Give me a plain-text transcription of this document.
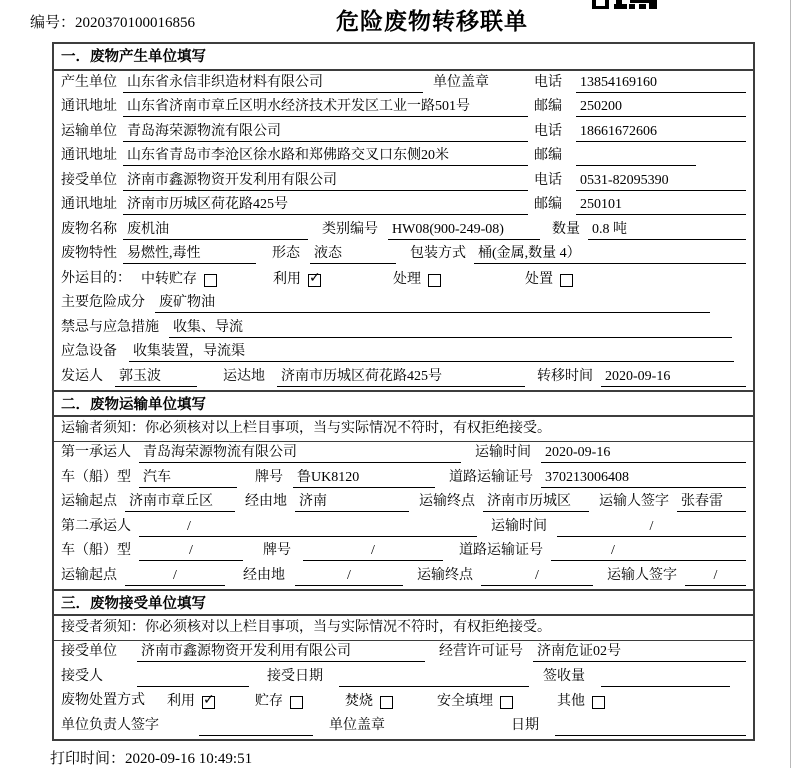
编号：2020370100016856	危险废物转移联单
一．废物产生单位填写
产生单位 山东省永信非织造材料有限公司	单位盖章	电话	13854169160
通讯地址 山东省济南市章丘区明水经济技术开发区工业一路501号	邮编	250200
运输单位 青岛海荣源物流有限公司	电话	18661672606
通讯地址 山东省青岛市李沧区徐水路和郑佛路交叉口东侧20米	邮编
接受单位 济南市鑫源物资开发利用有限公司	电话	0531-82095390
通讯地址 济南市历城区荷花路425号	邮编	250101
废物名称 废机油	类别编号 HW08(900-249-08)	数量 0.8 吨
废物特性 易燃性,毒性	形态 液态	包装方式 桶(金属,数量 4）
外运目的： 中转贮存	利用 ✓	处理	处置
主要危险成分 废矿物油
禁忌与应急措施 收集、导流
应急设备 收集装置，导流渠
发运人 郭玉波	运达地 济南市历城区荷花路425号	转移时间 2020-09-16
二．废物运输单位填写
运输者须知：你必须核对以上栏目事项，当与实际情况不符时，有权拒绝接受。
第一承运人 青岛海荣源物流有限公司	运输时间 2020-09-16
车（船）型 汽车	牌号 鲁UK8120	道路运输证号 370213006408
运输起点 济南市章丘区	经由地 济南	运输终点 济南市历城区	运输人签字 张春雷
第二承运人	/	运输时间	/
车（船）型	/	牌号	/	道路运输证号	/
运输起点	/	经由地	/	运输终点	/	运输人签字	/
三．废物接受单位填写
接受者须知：你必须核对以上栏目事项，当与实际情况不符时，有权拒绝接受。
接受单位 济南市鑫源物资开发利用有限公司	经营许可证号 济南危证02号
接受人	接受日期	签收量
废物处置方式 利用 ✓	贮存	焚烧	安全填埋	其他
单位负责人签字	单位盖章	日期
打印时间：2020-09-16 10:49:51
